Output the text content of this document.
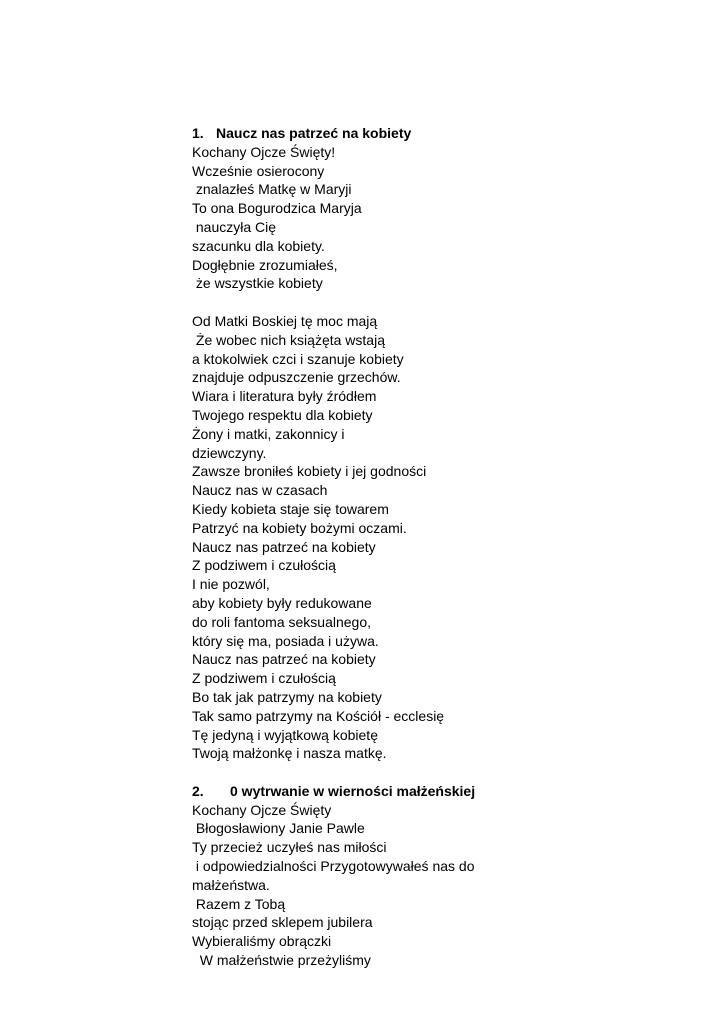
1. Naucz nas patrzeć na kobiety
Kochany Ojcze Święty!
Wcześnie osierocony
znalazłeś Matkę w Maryji
To ona Bogurodzica Maryja
nauczyła Cię
szacunku dla kobiety.
Dogłębnie zrozumiałeś,
że wszystkie kobiety
Od Matki Boskiej tę moc mają
Że wobec nich książęta wstają
a ktokolwiek czci i szanuje kobiety
znajduje odpuszczenie grzechów.
Wiara i literatura były źródłem
Twojego respektu dla kobiety
Żony i matki, zakonnicy i
dziewczyny.
Zawsze broniłeś kobiety i jej godności
Naucz nas w czasach
Kiedy kobieta staje się towarem
Patrzyć na kobiety bożymi oczami.
Naucz nas patrzeć na kobiety
Z podziwem i czułością
I nie pozwól,
aby kobiety były redukowane
do roli fantoma seksualnego,
który się ma, posiada i używa.
Naucz nas patrzeć na kobiety
Z podziwem i czułością
Bo tak jak patrzymy na kobiety
Tak samo patrzymy na Kościół - ecclesię
Tę jedyną i wyjątkową kobietę
Twoją małżonkę i nasza matkę.
2. 0 wytrwanie w wierności małżeńskiej
Kochany Ojcze Święty
Błogosławiony Janie Pawle
Ty przecież uczyłeś nas miłości
i odpowiedzialności Przygotowywałeś nas do
małżeństwa.
Razem z Tobą
stojąc przed sklepem jubilera
Wybieraliśmy obrączki
W małżeństwie przeżyliśmy
